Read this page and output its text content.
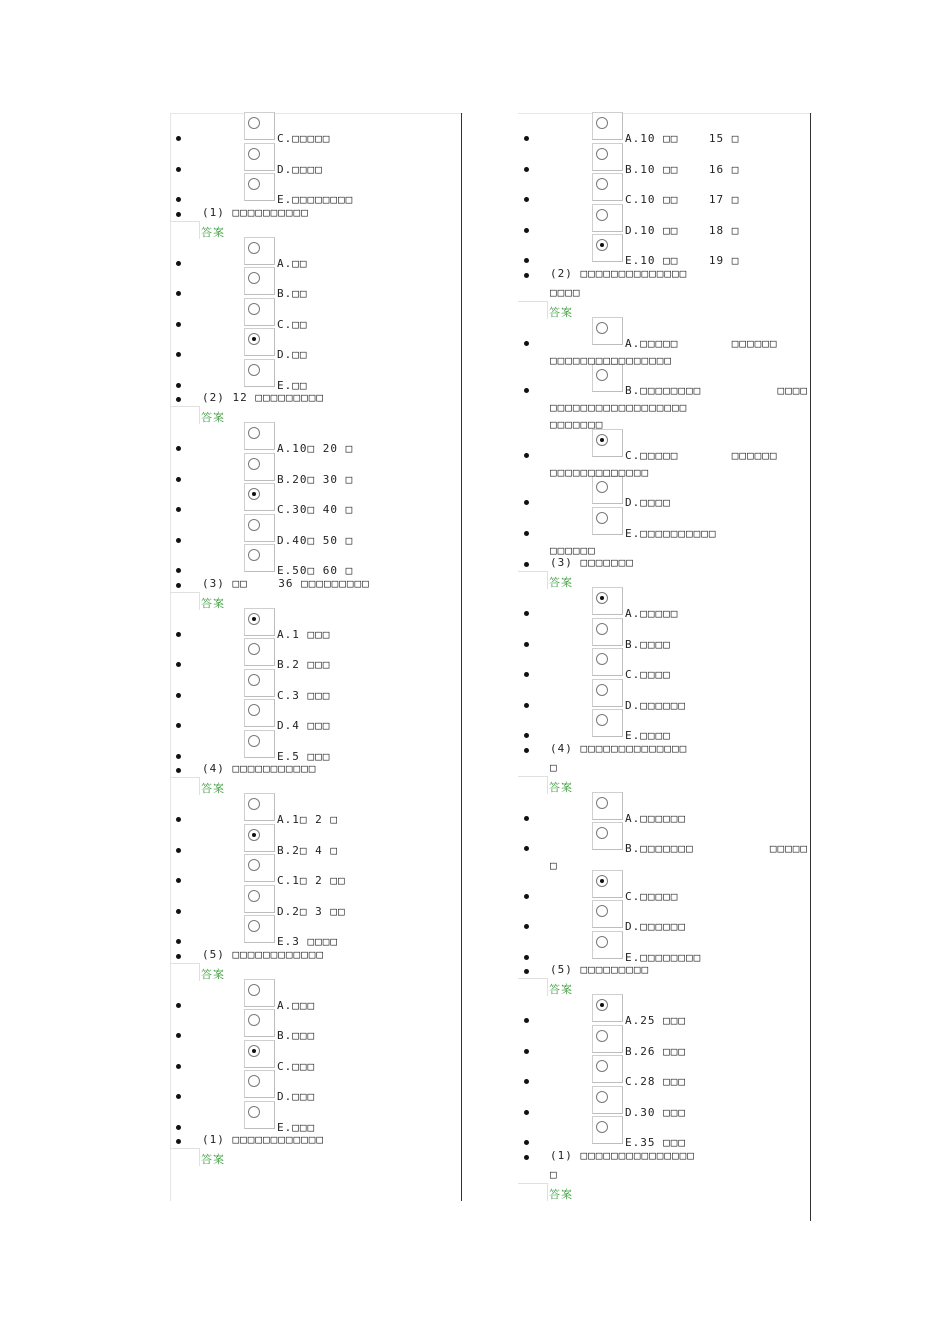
C.□□□□□
D.□□□□
E.□□□□□□□□
(1) □□□□□□□□□□
答案
A.□□
B.□□
C.□□
D.□□
E.□□
(2) 12 □□□□□□□□□
答案
A.10□ 20 □
B.20□ 30 □
C.30□ 40 □
D.40□ 50 □
E.50□ 60 □
(3) □□    36 □□□□□□□□□
答案
A.1 □□□
B.2 □□□
C.3 □□□
D.4 □□□
E.5 □□□
(4) □□□□□□□□□□□
答案
A.1□ 2 □
B.2□ 4 □
C.1□ 2 □□
D.2□ 3 □□
E.3 □□□□
(5) □□□□□□□□□□□□
答案
A.□□□
B.□□□
C.□□□
D.□□□
E.□□□
(1) □□□□□□□□□□□□
答案
A.10 □□    15 □
B.10 □□    16 □
C.10 □□    17 □
D.10 □□    18 □
E.10 □□    19 □
(2) □□□□□□□□□□□□□□
□□□□
答案
A.□□□□□       □□□□□□
B.□□□□□□□□          □□□□
C.□□□□□       □□□□□□
D.□□□□
E.□□□□□□□□□□
(3) □□□□□□□
答案
A.□□□□□
B.□□□□
C.□□□□
D.□□□□□□
E.□□□□
(4) □□□□□□□□□□□□□□
□
答案
A.□□□□□□
B.□□□□□□□          □□□□□
C.□□□□□
D.□□□□□□
E.□□□□□□□□
(5) □□□□□□□□□
答案
A.25 □□□
B.26 □□□
C.28 □□□
D.30 □□□
E.35 □□□
(1) □□□□□□□□□□□□□□□
□
答案
□□□□□□□□□□□□□□□□
□□□□□□□□□□□□□□□□□□
□□□□□□□
□□□□□□□□□□□□□
□□□□□□
□
